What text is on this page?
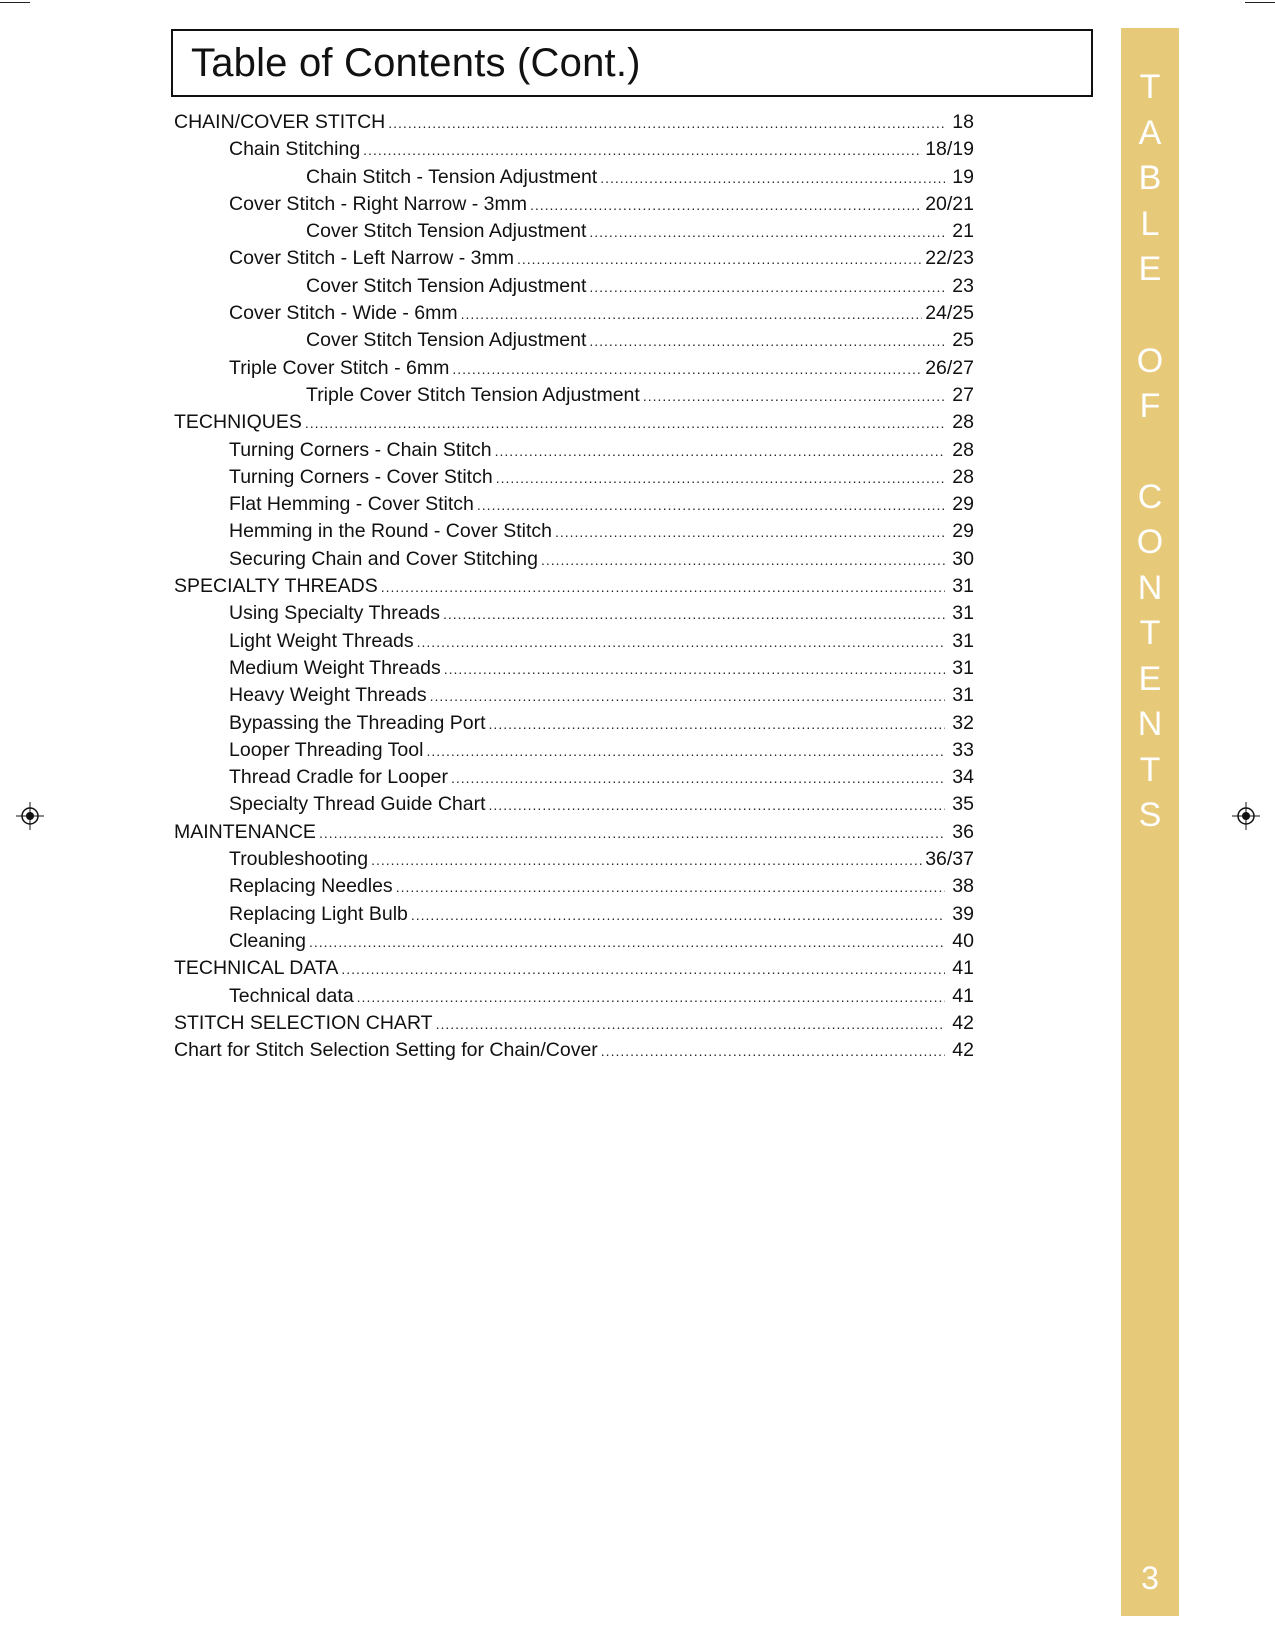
Table of Contents (Cont.)
CHAIN/COVER STITCH .....	18
Chain Stitching .....	18/19
Chain Stitch - Tension Adjustment .....	19
Cover Stitch - Right Narrow - 3mm .....	20/21
Cover Stitch Tension Adjustment .....	21
Cover Stitch - Left Narrow - 3mm .....	22/23
Cover Stitch Tension Adjustment .....	23
Cover Stitch - Wide - 6mm .....	24/25
Cover Stitch Tension Adjustment .....	25
Triple Cover Stitch - 6mm .....	26/27
Triple Cover Stitch Tension Adjustment .....	27
TECHNIQUES .....	28
Turning Corners - Chain Stitch .....	28
Turning Corners - Cover Stitch .....	28
Flat Hemming - Cover Stitch .....	29
Hemming in the Round - Cover Stitch .....	29
Securing Chain and Cover Stitching .....	30
SPECIALTY THREADS .....	31
Using Specialty Threads .....	31
Light Weight Threads .....	31
Medium Weight Threads .....	31
Heavy Weight Threads .....	31
Bypassing the Threading Port .....	32
Looper Threading Tool .....	33
Thread Cradle for Looper .....	34
Specialty Thread Guide Chart .....	35
MAINTENANCE .....	36
Troubleshooting .....	36/37
Replacing Needles .....	38
Replacing Light Bulb .....	39
Cleaning .....	40
TECHNICAL DATA .....	41
Technical data .....	41
STITCH SELECTION CHART .....	42
Chart for Stitch Selection Setting for Chain/Cover .....	42
3
T
A
B
L
E
O
F
C
O
N
T
E
N
T
S
